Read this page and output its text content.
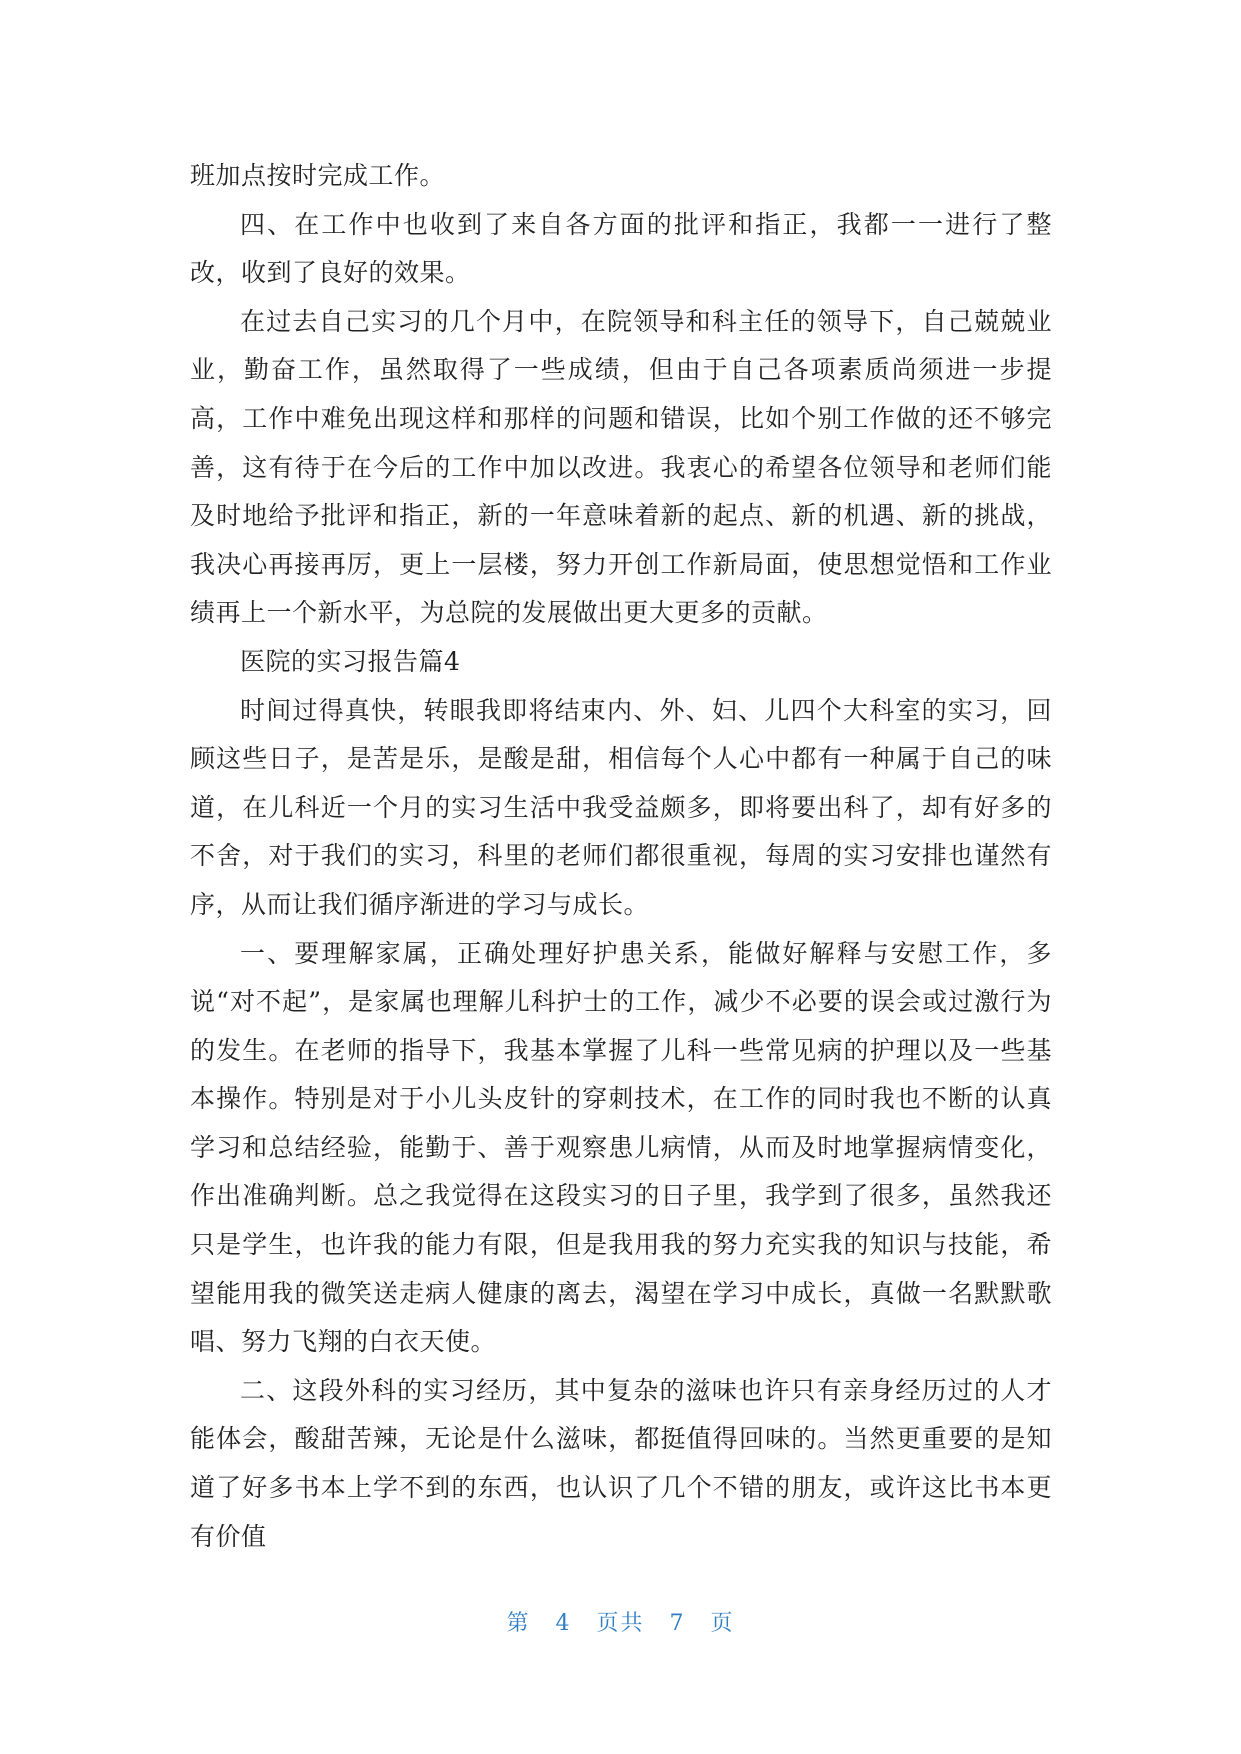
班加点按时完成工作。

四、在工作中也收到了来自各方面的批评和指正，我都一一进行了整改，收到了良好的效果。

在过去自己实习的几个月中，在院领导和科主任的领导下，自己兢兢业业，勤奋工作，虽然取得了一些成绩，但由于自己各项素质尚须进一步提高，工作中难免出现这样和那样的问题和错误，比如个别工作做的还不够完善，这有待于在今后的工作中加以改进。我衷心的希望各位领导和老师们能及时地给予批评和指正，新的一年意味着新的起点、新的机遇、新的挑战，我决心再接再厉，更上一层楼，努力开创工作新局面，使思想觉悟和工作业绩再上一个新水平，为总院的发展做出更大更多的贡献。

医院的实习报告篇4

时间过得真快，转眼我即将结束内、外、妇、儿四个大科室的实习，回顾这些日子，是苦是乐，是酸是甜，相信每个人心中都有一种属于自己的味道，在儿科近一个月的实习生活中我受益颇多，即将要出科了，却有好多的不舍，对于我们的实习，科里的老师们都很重视，每周的实习安排也谨然有序，从而让我们循序渐进的学习与成长。

一、要理解家属，正确处理好护患关系，能做好解释与安慰工作，多说“对不起”，是家属也理解儿科护士的工作，减少不必要的误会或过激行为的发生。在老师的指导下，我基本掌握了儿科一些常见病的护理以及一些基本操作。特别是对于小儿头皮针的穿刺技术，在工作的同时我也不断的认真学习和总结经验，能勤于、善于观察患儿病情，从而及时地掌握病情变化，作出准确判断。总之我觉得在这段实习的日子里，我学到了很多，虽然我还只是学生，也许我的能力有限，但是我用我的努力充实我的知识与技能，希望能用我的微笑送走病人健康的离去，渴望在学习中成长，真做一名默默歌唱、努力飞翔的白衣天使。

二、这段外科的实习经历，其中复杂的滋味也许只有亲身经历过的人才能体会，酸甜苦辣，无论是什么滋味，都挺值得回味的。当然更重要的是知道了好多书本上学不到的东西，也认识了几个不错的朋友，或许这比书本更有价值

第 4 页共 7 页
